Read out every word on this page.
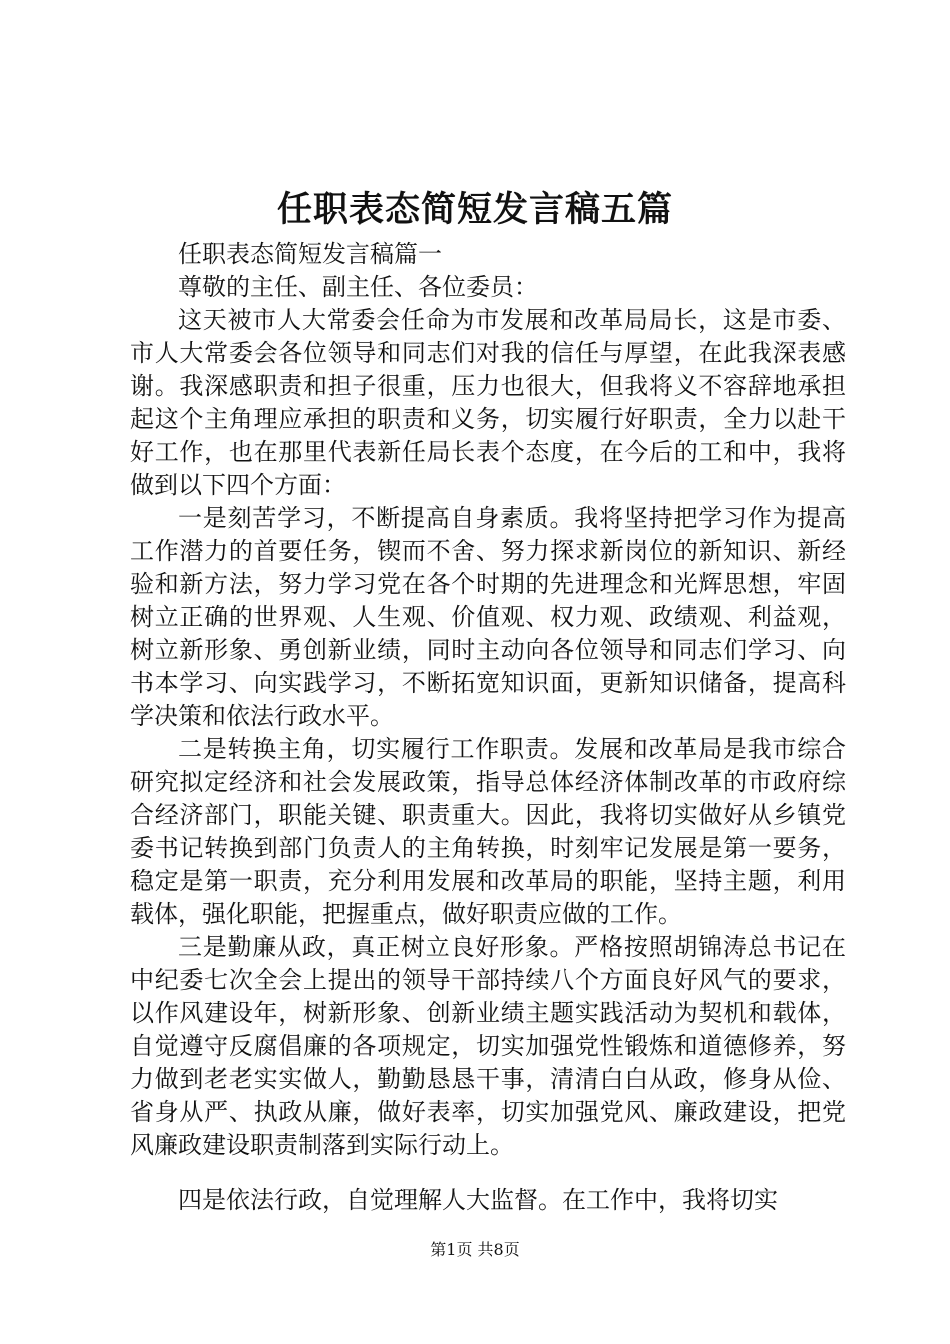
任职表态简短发言稿五篇

任职表态简短发言稿篇一

尊敬的主任、副主任、各位委员：

这天被市人大常委会任命为市发展和改革局局长，这是市委、市人大常委会各位领导和同志们对我的信任与厚望，在此我深表感谢。我深感职责和担子很重，压力也很大，但我将义不容辞地承担起这个主角理应承担的职责和义务，切实履行好职责，全力以赴干好工作，也在那里代表新任局长表个态度，在今后的工和中，我将做到以下四个方面：

一是刻苦学习，不断提高自身素质。我将坚持把学习作为提高工作潜力的首要任务，锲而不舍、努力探求新岗位的新知识、新经验和新方法，努力学习党在各个时期的先进理念和光辉思想，牢固树立正确的世界观、人生观、价值观、权力观、政绩观、利益观，树立新形象、勇创新业绩，同时主动向各位领导和同志们学习、向书本学习、向实践学习，不断拓宽知识面，更新知识储备，提高科学决策和依法行政水平。

二是转换主角，切实履行工作职责。发展和改革局是我市综合研究拟定经济和社会发展政策，指导总体经济体制改革的市政府综合经济部门，职能关键、职责重大。因此，我将切实做好从乡镇党委书记转换到部门负责人的主角转换，时刻牢记发展是第一要务，稳定是第一职责，充分利用发展和改革局的职能，坚持主题，利用载体，强化职能，把握重点，做好职责应做的工作。

三是勤廉从政，真正树立良好形象。严格按照胡锦涛总书记在中纪委七次全会上提出的领导干部持续八个方面良好风气的要求，以作风建设年，树新形象、创新业绩主题实践活动为契机和载体，自觉遵守反腐倡廉的各项规定，切实加强党性锻炼和道德修养，努力做到老老实实做人，勤勤恳恳干事，清清白白从政，修身从俭、省身从严、执政从廉，做好表率，切实加强党风、廉政建设，把党风廉政建设职责制落到实际行动上。

四是依法行政，自觉理解人大监督。在工作中，我将切实

第1页 共8页
